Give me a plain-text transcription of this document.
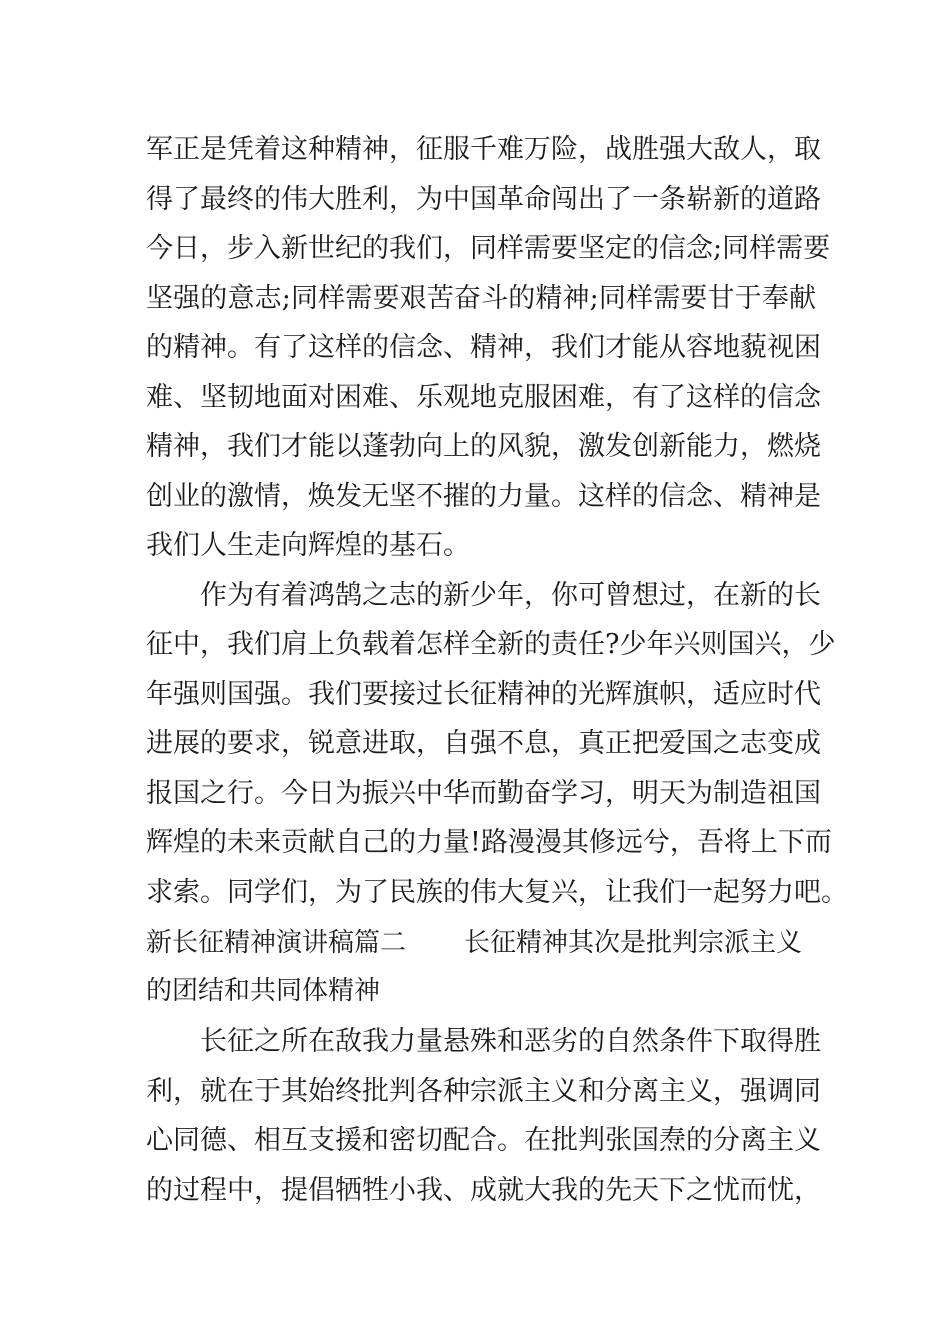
军正是凭着这种精神，征服千难万险，战胜强大敌人，取
得了最终的伟大胜利，为中国革命闯出了一条崭新的道路
今日，步入新世纪的我们，同样需要坚定的信念;同样需要
坚强的意志;同样需要艰苦奋斗的精神;同样需要甘于奉献
的精神。有了这样的信念、精神，我们才能从容地藐视困
难、坚韧地面对困难、乐观地克服困难，有了这样的信念
精神，我们才能以蓬勃向上的风貌，激发创新能力，燃烧
创业的激情，焕发无坚不摧的力量。这样的信念、精神是
我们人生走向辉煌的基石。
作为有着鸿鹄之志的新少年，你可曾想过，在新的长
征中，我们肩上负载着怎样全新的责任?少年兴则国兴，少
年强则国强。我们要接过长征精神的光辉旗帜，适应时代
进展的要求，锐意进取，自强不息，真正把爱国之志变成
报国之行。今日为振兴中华而勤奋学习，明天为制造祖国
辉煌的未来贡献自己的力量!路漫漫其修远兮，吾将上下而
求索。同学们，为了民族的伟大复兴，让我们一起努力吧。
新长征精神演讲稿篇二 长征精神其次是批判宗派主义
的团结和共同体精神
长征之所在敌我力量悬殊和恶劣的自然条件下取得胜
利，就在于其始终批判各种宗派主义和分离主义，强调同
心同德、相互支援和密切配合。在批判张国焘的分离主义
的过程中，提倡牺牲小我、成就大我的先天下之忧而忧，
